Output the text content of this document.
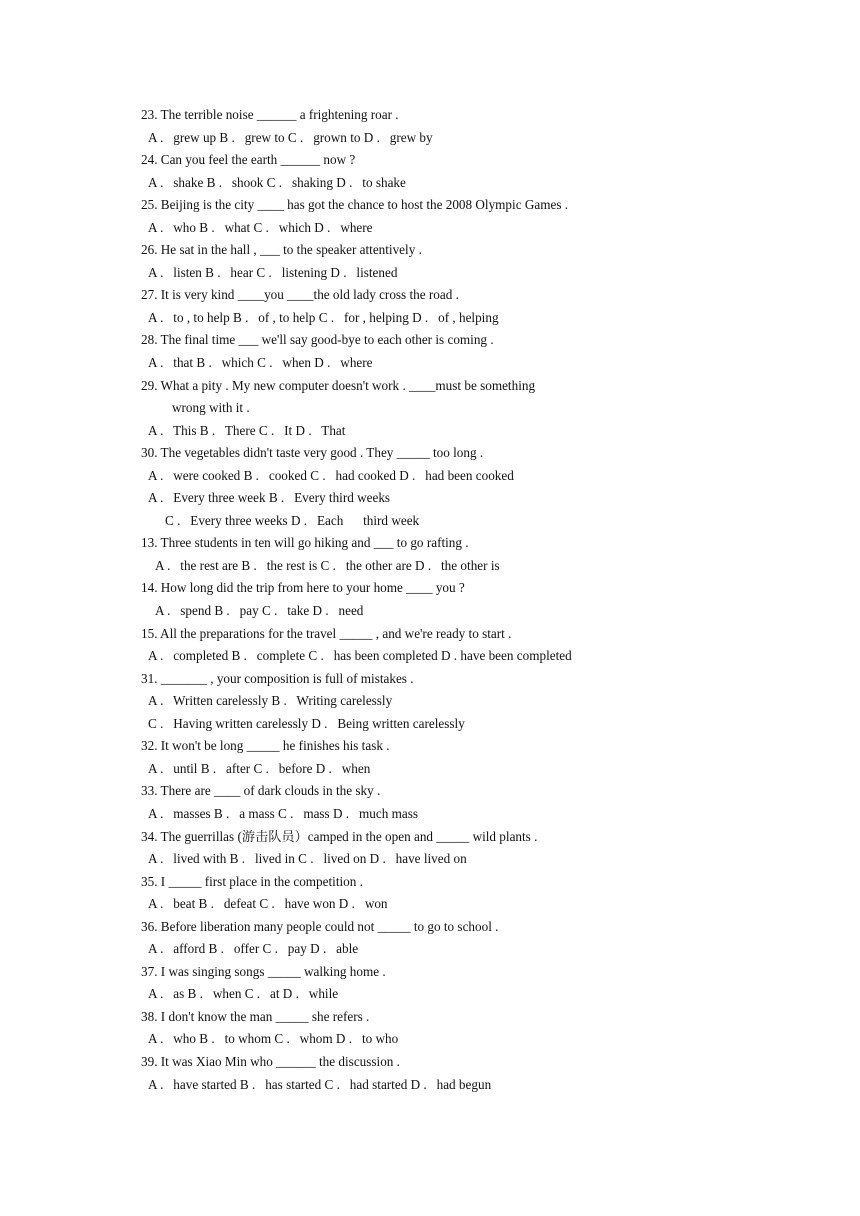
23. The terrible noise ______ a frightening roar .
A .   grew up B .   grew to C .   grown to D .   grew by
24. Can you feel the earth ______ now ?
A .   shake B .   shook C .   shaking D .   to shake
25. Beijing is the city ____ has got the chance to host the 2008 Olympic Games .
A .   who B .   what C .   which D .   where
26. He sat in the hall , ___ to the speaker attentively .
A .   listen B .   hear C .   listening D .   listened
27. It is very kind ____you ____the old lady cross the road .
A .   to , to help B .   of , to help C .   for , helping D .   of , helping
28. The final time ___ we'll say good-bye to each other is coming .
A .   that B .   which C .   when D .   where
29. What a pity . My new computer doesn't work . ____must be something
wrong with it .
A .   This B .   There C .   It D .   That
30. The vegetables didn't taste very good . They _____ too long .
A .   were cooked B .   cooked C .   had cooked D .   had been cooked
A .   Every three week B .   Every third weeks
C .   Every three weeks D .   Each      third week
13. Three students in ten will go hiking and ___ to go rafting .
A .   the rest are B .   the rest is C .   the other are D .   the other is
14. How long did the trip from here to your home ____ you ?
A .   spend B .   pay C .   take D .   need
15. All the preparations for the travel _____ , and we're ready to start .
A .   completed B .   complete C .   has been completed D . have been completed
31. _______ , your composition is full of mistakes .
A .   Written carelessly B .   Writing carelessly
C .   Having written carelessly D .   Being written carelessly
32. It won't be long _____ he finishes his task .
A .   until B .   after C .   before D .   when
33. There are ____ of dark clouds in the sky .
A .   masses B .   a mass C .   mass D .   much mass
34. The guerrillas (游击队员）camped in the open and _____ wild plants .
A .   lived with B .   lived in C .   lived on D .   have lived on
35. I _____ first place in the competition .
A .   beat B .   defeat C .   have won D .   won
36. Before liberation many people could not _____ to go to school .
A .   afford B .   offer C .   pay D .   able
37. I was singing songs _____ walking home .
A .   as B .   when C .   at D .   while
38. I don't know the man _____ she refers .
A .   who B .   to whom C .   whom D .   to who
39. It was Xiao Min who ______ the discussion .
A .   have started B .   has started C .   had started D .   had begun
